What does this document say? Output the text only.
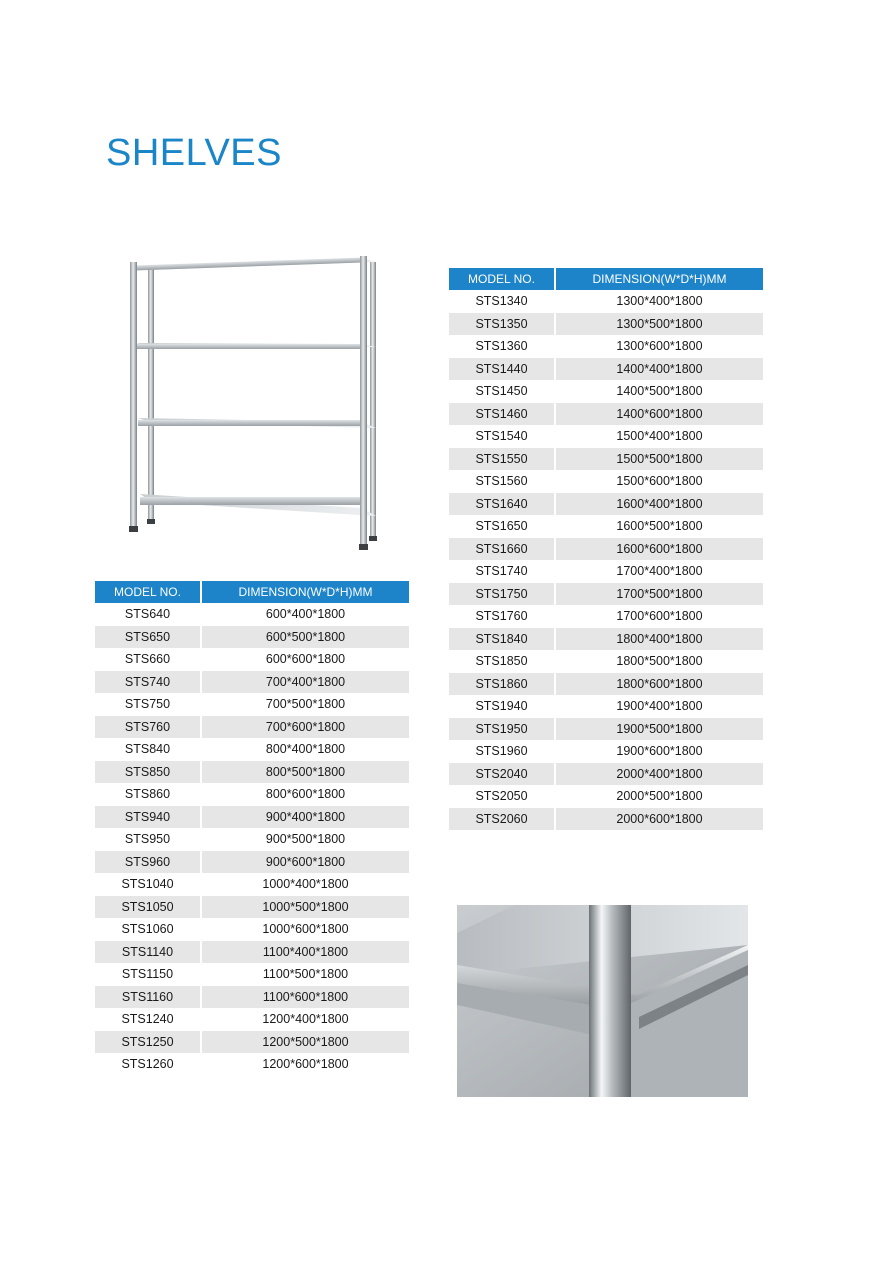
SHELVES
MODEL NO.	DIMENSION(W*D*H)MM
STS640	600*400*1800
STS650	600*500*1800
STS660	600*600*1800
STS740	700*400*1800
STS750	700*500*1800
STS760	700*600*1800
STS840	800*400*1800
STS850	800*500*1800
STS860	800*600*1800
STS940	900*400*1800
STS950	900*500*1800
STS960	900*600*1800
STS1040	1000*400*1800
STS1050	1000*500*1800
STS1060	1000*600*1800
STS1140	1100*400*1800
STS1150	1100*500*1800
STS1160	1100*600*1800
STS1240	1200*400*1800
STS1250	1200*500*1800
STS1260	1200*600*1800
MODEL NO.	DIMENSION(W*D*H)MM
STS1340	1300*400*1800
STS1350	1300*500*1800
STS1360	1300*600*1800
STS1440	1400*400*1800
STS1450	1400*500*1800
STS1460	1400*600*1800
STS1540	1500*400*1800
STS1550	1500*500*1800
STS1560	1500*600*1800
STS1640	1600*400*1800
STS1650	1600*500*1800
STS1660	1600*600*1800
STS1740	1700*400*1800
STS1750	1700*500*1800
STS1760	1700*600*1800
STS1840	1800*400*1800
STS1850	1800*500*1800
STS1860	1800*600*1800
STS1940	1900*400*1800
STS1950	1900*500*1800
STS1960	1900*600*1800
STS2040	2000*400*1800
STS2050	2000*500*1800
STS2060	2000*600*1800
